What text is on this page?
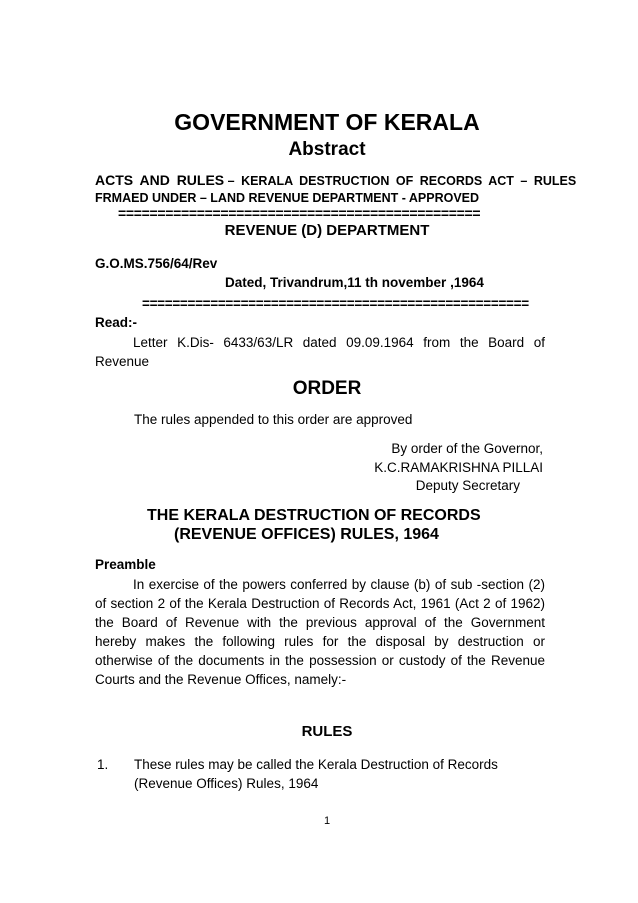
GOVERNMENT OF KERALA
Abstract
ACTS AND RULES – KERALA DESTRUCTION OF RECORDS ACT – RULES
FRMAED UNDER – LAND REVENUE DEPARTMENT - APPROVED
==============================================
REVENUE (D) DEPARTMENT
G.O.MS.756/64/Rev
Dated, Trivandrum,11 th november ,1964
===================================================
Read:-
Letter K.Dis- 6433/63/LR dated 09.09.1964 from the Board of Revenue
ORDER
The rules appended to this order are approved
By order of the Governor,
K.C.RAMAKRISHNA PILLAI
Deputy Secretary
THE KERALA DESTRUCTION OF RECORDS
(REVENUE OFFICES) RULES, 1964
Preamble
In exercise of the powers conferred by clause (b) of sub -section (2) of section 2 of the Kerala Destruction of Records Act, 1961 (Act 2 of 1962) the Board of Revenue with the previous approval of the Government hereby makes the following rules for the disposal by destruction or otherwise of the documents in the possession or custody of the Revenue Courts and the Revenue Offices, namely:-
RULES
1. These rules may be called the Kerala Destruction of Records
(Revenue Offices) Rules, 1964
1
